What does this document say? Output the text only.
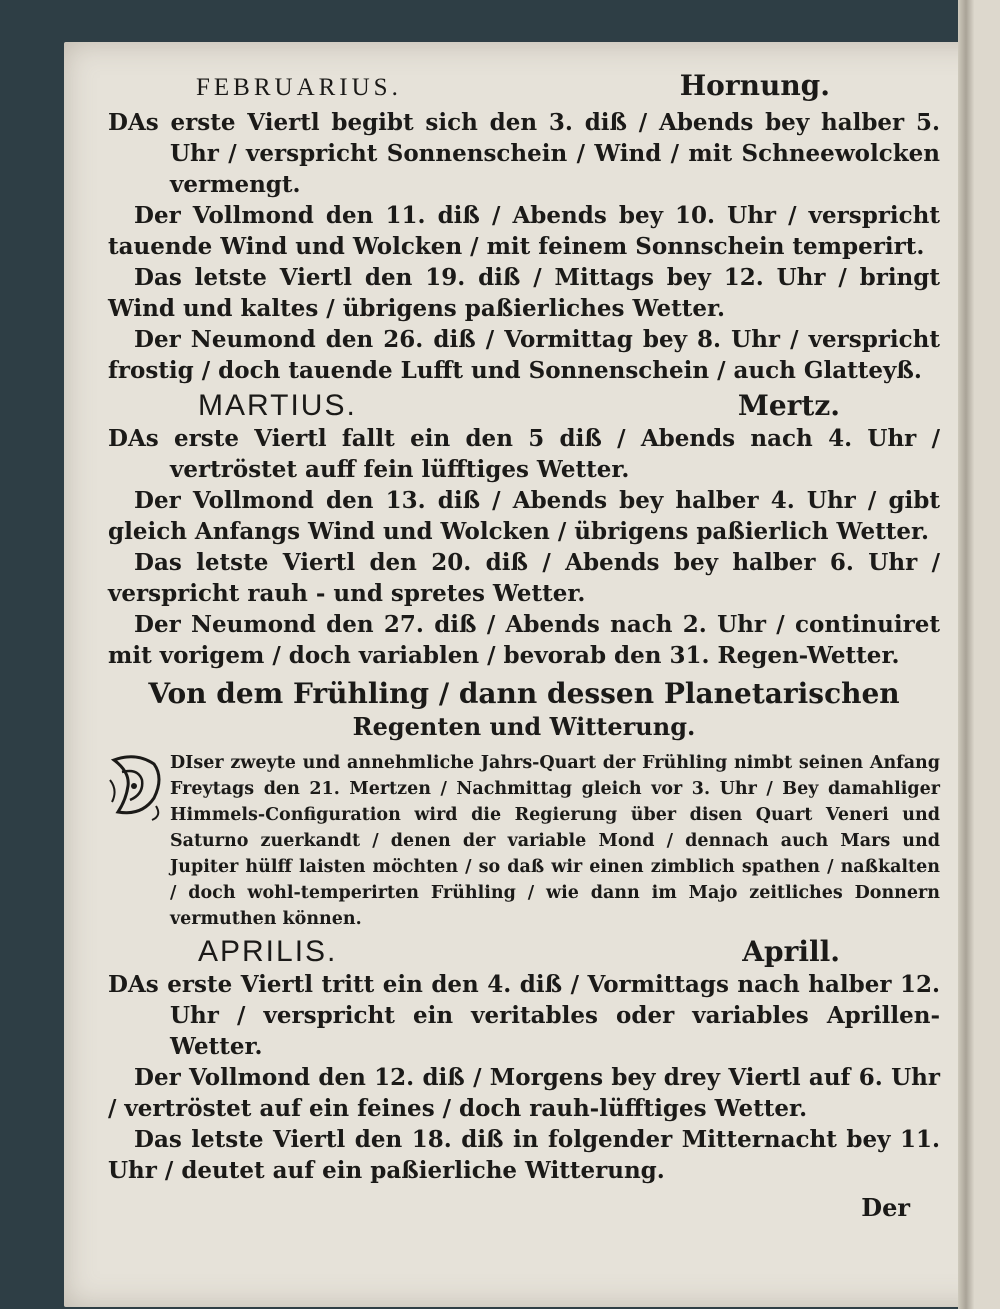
FEBRUARIUS.	Hornung.

DAs erste Viertl begibt sich den 3. diß / Abends bey halber 5. Uhr / verspricht Sonnenschein / Wind / mit Schneewolcken vermengt.

Der Vollmond den 11. diß / Abends bey 10. Uhr / verspricht tauende Wind und Wolcken / mit feinem Sonnschein temperirt.

Das letste Viertl den 19. diß / Mittags bey 12. Uhr / bringt Wind und kaltes / übrigens paßierliches Wetter.

Der Neumond den 26. diß / Vormittag bey 8. Uhr / verspricht frostig / doch tauende Lufft und Sonnenschein / auch Glatteyß.

MARTIUS.	Mertz.

DAs erste Viertl fallt ein den 5 diß / Abends nach 4. Uhr / vertröstet auff fein lüfftiges Wetter.

Der Vollmond den 13. diß / Abends bey halber 4. Uhr / gibt gleich Anfangs Wind und Wolcken / übrigens paßierlich Wetter.

Das letste Viertl den 20. diß / Abends bey halber 6. Uhr / verspricht rauh - und spretes Wetter.

Der Neumond den 27. diß / Abends nach 2. Uhr / continuiret mit vorigem / doch variablen / bevorab den 31. Regen-Wetter.

Von dem Frühling / dann dessen Planetarischen
Regenten und Witterung.

DIser zweyte und annehmliche Jahrs-Quart der Frühling nimbt seinen Anfang Freytags den 21. Mertzen / Nachmittag gleich vor 3. Uhr / Bey damahliger Himmels-Configuration wird die Regierung über disen Quart Veneri und Saturno zuerkandt / denen der variable Mond / dennach auch Mars und Jupiter hülff laisten möchten / so daß wir einen zimblich spathen / naßkalten / doch wohl-temperirten Frühling / wie dann im Majo zeitliches Donnern vermuthen können.

APRILIS.	Aprill.

DAs erste Viertl tritt ein den 4. diß / Vormittags nach halber 12. Uhr / verspricht ein veritables oder variables Aprillen-Wetter.

Der Vollmond den 12. diß / Morgens bey drey Viertl auf 6. Uhr / vertröstet auf ein feines / doch rauh-lüfftiges Wetter.

Das letste Viertl den 18. diß in folgender Mitternacht bey 11. Uhr / deutet auf ein paßierliche Witterung.

Der
